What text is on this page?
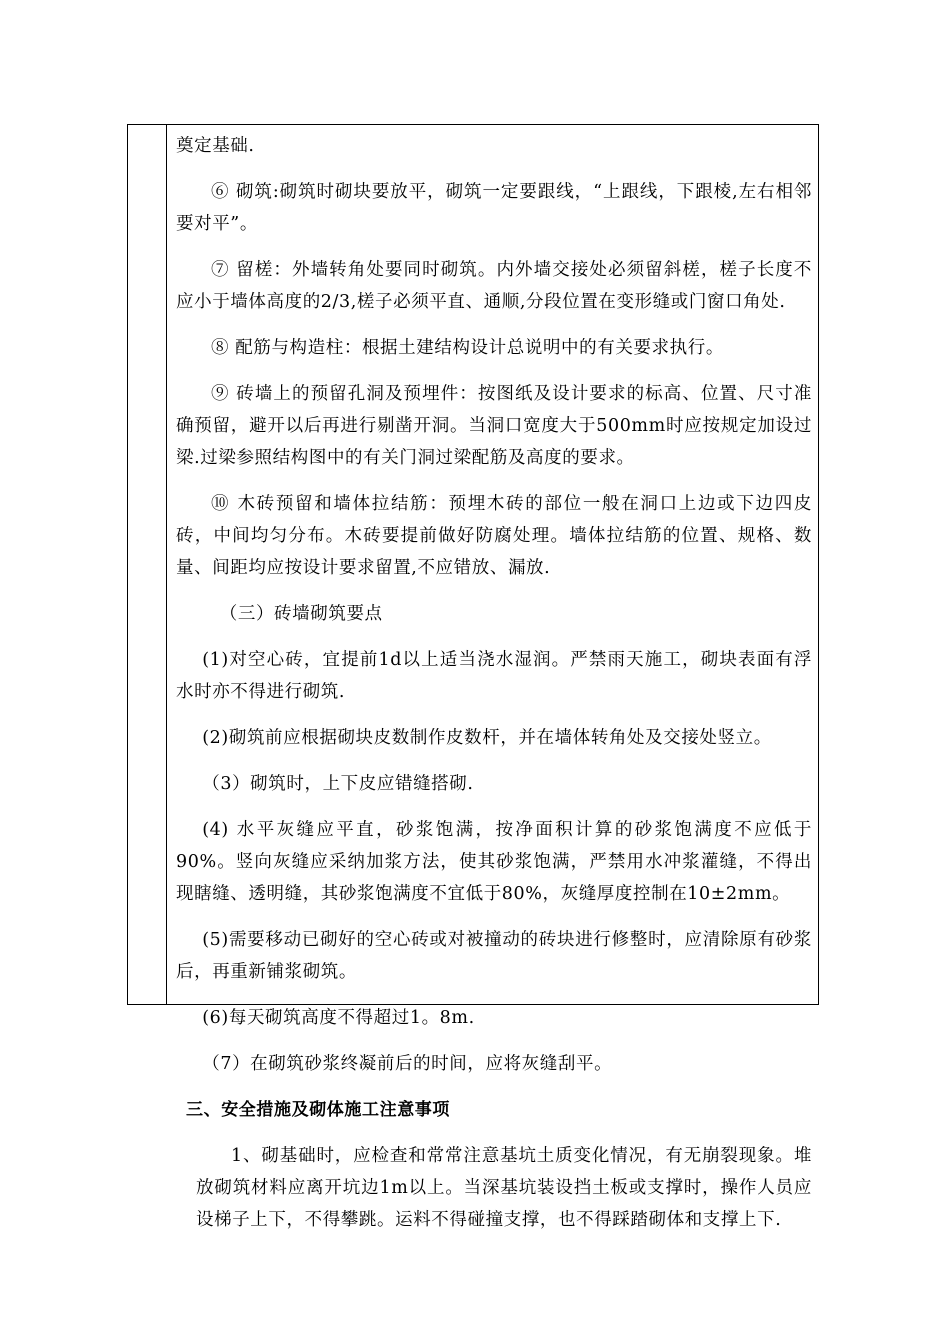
奠定基础.

⑥ 砌筑:砌筑时砌块要放平，砌筑一定要跟线，“上跟线，下跟棱,左右相邻要对平”。

⑦ 留槎：外墙转角处要同时砌筑。内外墙交接处必须留斜槎，槎子长度不应小于墙体高度的2/3,槎子必须平直、通顺,分段位置在变形缝或门窗口角处.

⑧ 配筋与构造柱：根据土建结构设计总说明中的有关要求执行。

⑨ 砖墙上的预留孔洞及预埋件：按图纸及设计要求的标高、位置、尺寸准确预留，避开以后再进行剔凿开洞。当洞口宽度大于500mm时应按规定加设过梁.过梁参照结构图中的有关门洞过梁配筋及高度的要求。

⑩ 木砖预留和墙体拉结筋：预埋木砖的部位一般在洞口上边或下边四皮砖，中间均匀分布。木砖要提前做好防腐处理。墙体拉结筋的位置、规格、数量、间距均应按设计要求留置,不应错放、漏放.

（三）砖墙砌筑要点

(1)对空心砖，宜提前1d以上适当浇水湿润。严禁雨天施工，砌块表面有浮水时亦不得进行砌筑.

(2)砌筑前应根据砌块皮数制作皮数杆，并在墙体转角处及交接处竖立。

（3）砌筑时，上下皮应错缝搭砌.

(4) 水平灰缝应平直，砂浆饱满，按净面积计算的砂浆饱满度不应低于90%。竖向灰缝应采纳加浆方法，使其砂浆饱满，严禁用水冲浆灌缝，不得出现瞎缝、透明缝，其砂浆饱满度不宜低于80%，灰缝厚度控制在10±2mm。

(5)需要移动已砌好的空心砖或对被撞动的砖块进行修整时，应清除原有砂浆后，再重新铺浆砌筑。

(6)每天砌筑高度不得超过1。8m.

（7）在砌筑砂浆终凝前后的时间，应将灰缝刮平。

三、安全措施及砌体施工注意事项

1、砌基础时，应检查和常常注意基坑土质变化情况，有无崩裂现象。堆放砌筑材料应离开坑边1m以上。当深基坑装设挡土板或支撑时，操作人员应设梯子上下，不得攀跳。运料不得碰撞支撑，也不得踩踏砌体和支撑上下.
